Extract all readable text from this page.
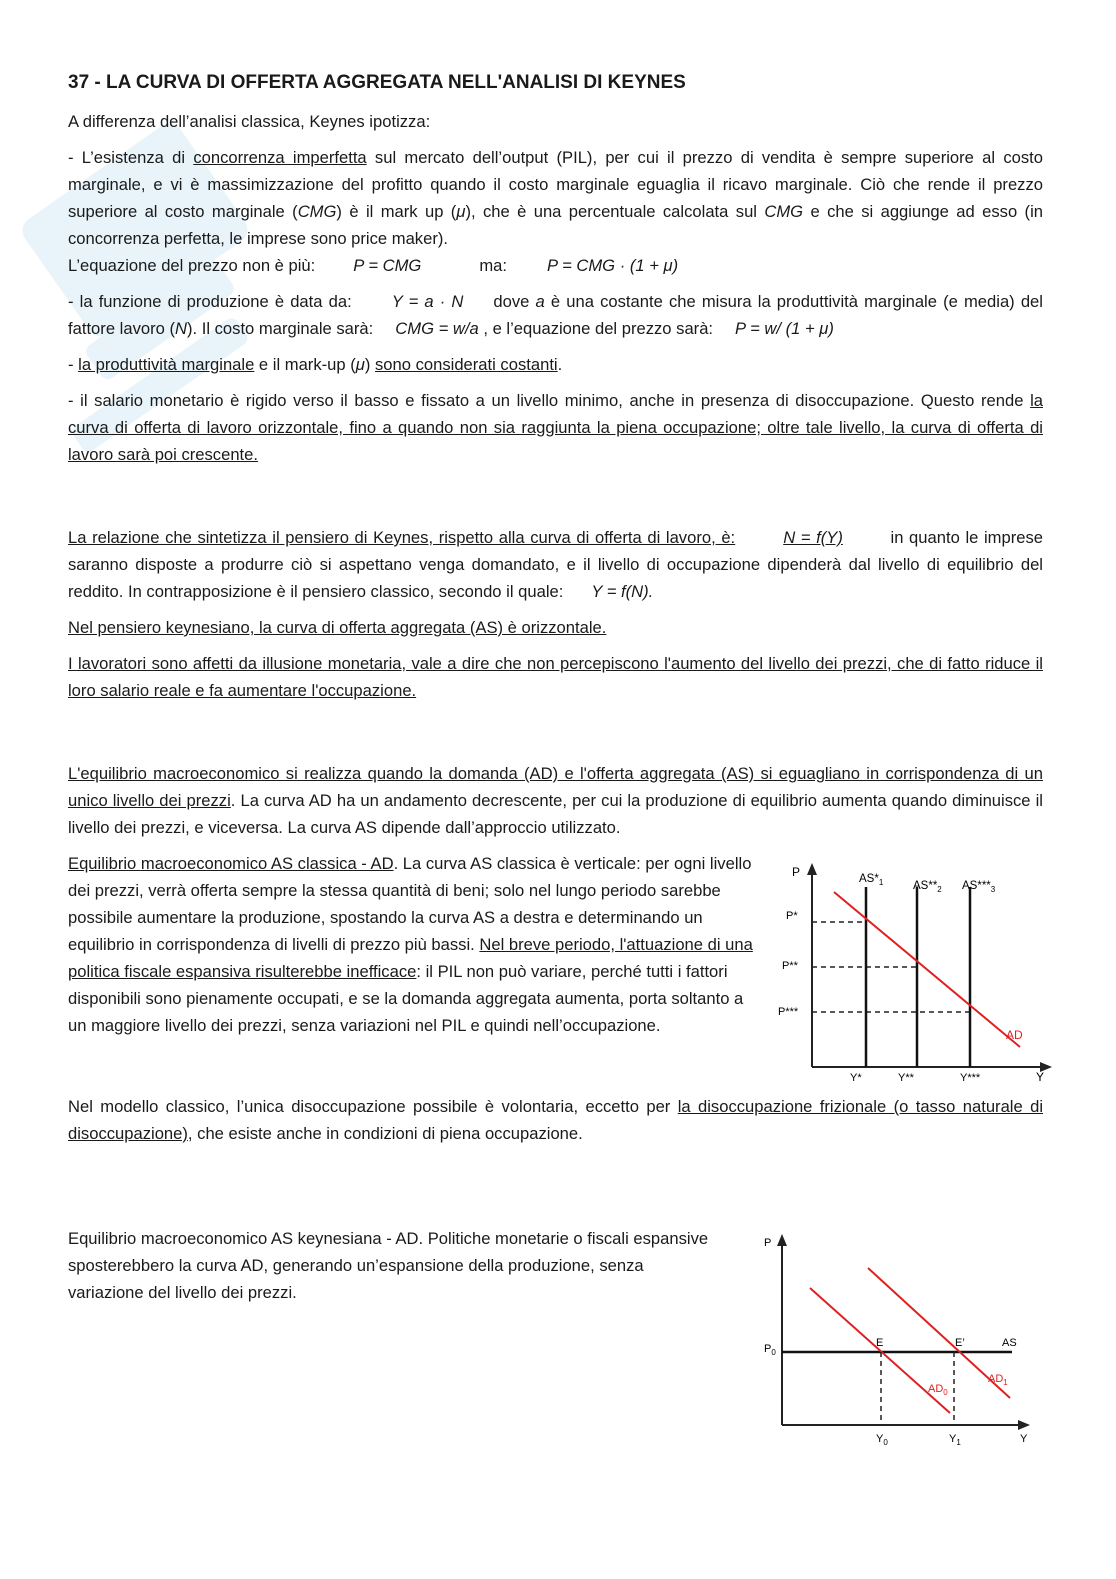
37 - LA CURVA DI OFFERTA AGGREGATA NELL'ANALISI DI KEYNES

A differenza dell’analisi classica, Keynes ipotizza:

- L’esistenza di concorrenza imperfetta sul mercato dell’output (PIL), per cui il prezzo di vendita è sempre superiore al costo marginale, e vi è massimizzazione del profitto quando il costo marginale eguaglia il ricavo marginale. Ciò che rende il prezzo superiore al costo marginale (CMG) è il mark up (μ), che è una percentuale calcolata sul CMG e che si aggiunge ad esso (in concorrenza perfetta, le imprese sono price maker).
L’equazione del prezzo non è più: P = CMG	ma: P = CMG · (1 + μ)

- la funzione di produzione è data da: Y = a · N dove a è una costante che misura la produttività marginale (e media) del fattore lavoro (N). Il costo marginale sarà: CMG = w/a , e l’equazione del prezzo sarà: P = w/ (1 + μ)

- la produttività marginale e il mark-up (μ) sono considerati costanti.

- il salario monetario è rigido verso il basso e fissato a un livello minimo, anche in presenza di disoccupazione. Questo rende la curva di offerta di lavoro orizzontale, fino a quando non sia raggiunta la piena occupazione; oltre tale livello, la curva di offerta di lavoro sarà poi crescente.

La relazione che sintetizza il pensiero di Keynes, rispetto alla curva di offerta di lavoro, è:	N = f(Y)	in quanto le imprese saranno disposte a produrre ciò si aspettano venga domandato, e il livello di occupazione dipenderà dal livello di equilibrio del reddito. In contrapposizione è il pensiero classico, secondo il quale: Y = f(N).

Nel pensiero keynesiano, la curva di offerta aggregata (AS) è orizzontale.

I lavoratori sono affetti da illusione monetaria, vale a dire che non percepiscono l'aumento del livello dei prezzi, che di fatto riduce il loro salario reale e fa aumentare l'occupazione.

L'equilibrio macroeconomico si realizza quando la domanda (AD) e l'offerta aggregata (AS) si eguagliano in corrispondenza di un unico livello dei prezzi. La curva AD ha un andamento decrescente, per cui la produzione di equilibrio aumenta quando diminuisce il livello dei prezzi, e viceversa. La curva AS dipende dall’approccio utilizzato.

Equilibrio macroeconomico AS classica - AD. La curva AS classica è verticale: per ogni livello dei prezzi, verrà offerta sempre la stessa quantità di beni; solo nel lungo periodo sarebbe possibile aumentare la produzione, spostando la curva AS a destra e determinando un equilibrio in corrispondenza di livelli di prezzo più bassi. Nel breve periodo, l'attuazione di una politica fiscale espansiva risulterebbe inefficace: il PIL non può variare, perché tutti i fattori disponibili sono pienamente occupati, e se la domanda aggregata aumenta, porta soltanto a un maggiore livello dei prezzi, senza variazioni nel PIL e quindi nell’occupazione.

Nel modello classico, l’unica disoccupazione possibile è volontaria, eccetto per la disoccupazione frizionale (o tasso naturale di disoccupazione), che esiste anche in condizioni di piena occupazione.

Equilibrio macroeconomico AS keynesiana - AD. Politiche monetarie o fiscali espansive sposterebbero la curva AD, generando un’espansione della produzione, senza variazione del livello dei prezzi.

P
Y
$AS*_1$	$AS**_2$ $AS***_3$
AD
P*
P**
P***
Y*	Y**	Y***
P
Y
$P_0$
E	E’	AS
$AD_0$
$AD_1$
$Y_0$	$Y_1$
